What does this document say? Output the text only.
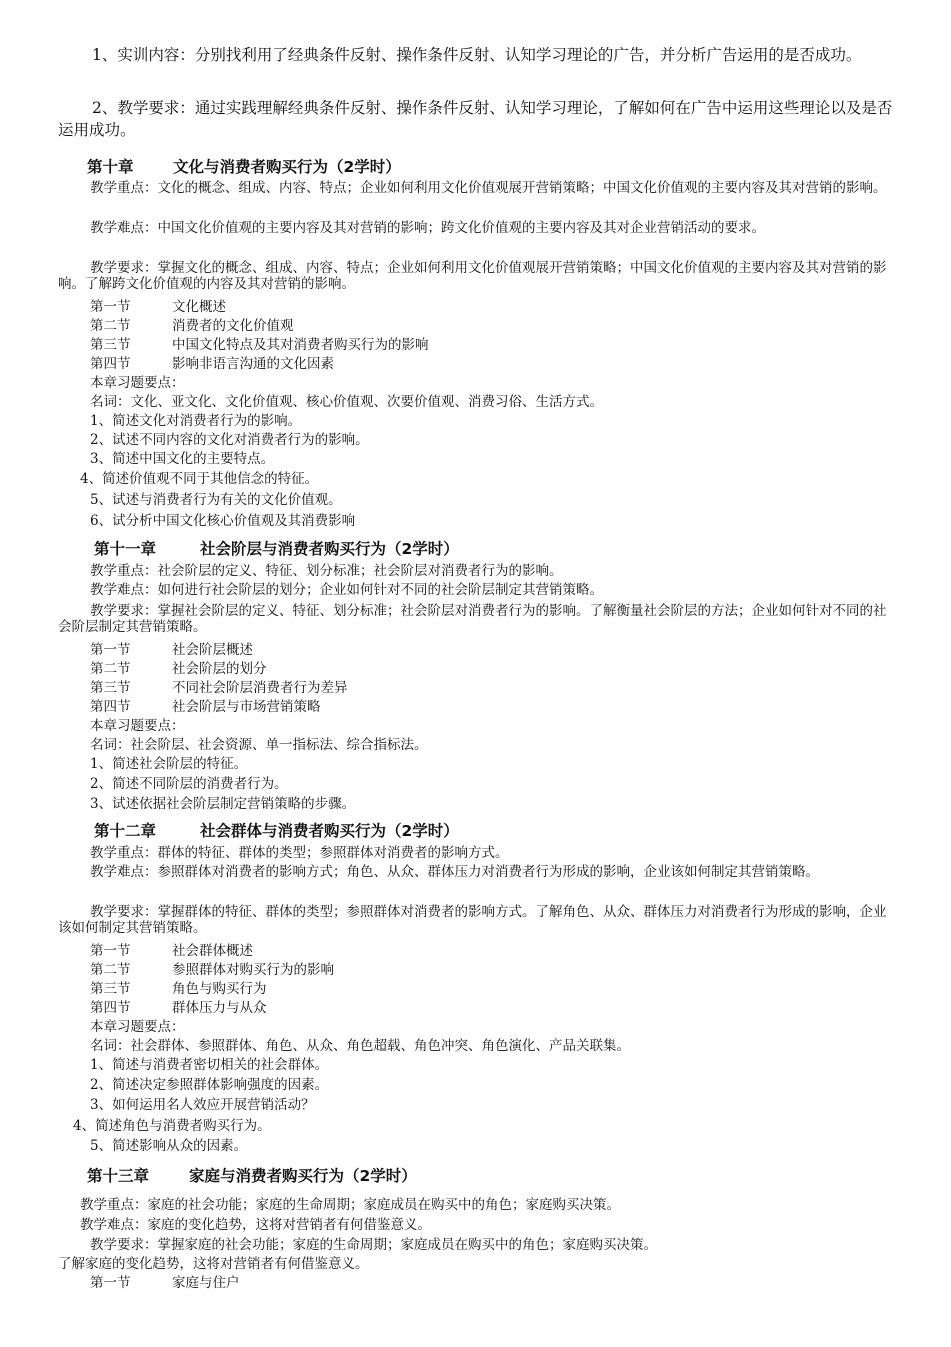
1、实训内容：分别找利用了经典条件反射、操作条件反射、认知学习理论的广告，并分析广告运用的是否成功。

2、教学要求：通过实践理解经典条件反射、操作条件反射、认知学习理论，了解如何在广告中运用这些理论以及是否运用成功。

第十章	文化与消费者购买行为（2学时）

教学重点：文化的概念、组成、内容、特点；企业如何利用文化价值观展开营销策略；中国文化价值观的主要内容及其对营销的影响。

教学难点：中国文化价值观的主要内容及其对营销的影响；跨文化价值观的主要内容及其对企业营销活动的要求。

教学要求：掌握文化的概念、组成、内容、特点；企业如何利用文化价值观展开营销策略；中国文化价值观的主要内容及其对营销的影响。了解跨文化价值观的内容及其对营销的影响。

第一节	文化概述
第二节	消费者的文化价值观
第三节	中国文化特点及其对消费者购买行为的影响
第四节	影响非语言沟通的文化因素
本章习题要点：
名词：文化、亚文化、文化价值观、核心价值观、次要价值观、消费习俗、生活方式。
1、简述文化对消费者行为的影响。
2、试述不同内容的文化对消费者行为的影响。
3、简述中国文化的主要特点。
4、简述价值观不同于其他信念的特征。
5、试述与消费者行为有关的文化价值观。
6、试分析中国文化核心价值观及其消费影响
第十一章	社会阶层与消费者购买行为（2学时）

教学重点：社会阶层的定义、特征、划分标准；社会阶层对消费者行为的影响。

教学难点：如何进行社会阶层的划分；企业如何针对不同的社会阶层制定其营销策略。

教学要求：掌握社会阶层的定义、特征、划分标准；社会阶层对消费者行为的影响。了解衡量社会阶层的方法；企业如何针对不同的社会阶层制定其营销策略。

第一节	社会阶层概述
第二节	社会阶层的划分
第三节	不同社会阶层消费者行为差异
第四节	社会阶层与市场营销策略
本章习题要点：
名词：社会阶层、社会资源、单一指标法、综合指标法。
1、简述社会阶层的特征。
2、简述不同阶层的消费者行为。
3、试述依据社会阶层制定营销策略的步骤。
第十二章	社会群体与消费者购买行为（2学时）

教学重点：群体的特征、群体的类型；参照群体对消费者的影响方式。

教学难点：参照群体对消费者的影响方式；角色、从众、群体压力对消费者行为形成的影响，企业该如何制定其营销策略。

教学要求：掌握群体的特征、群体的类型；参照群体对消费者的影响方式。了解角色、从众、群体压力对消费者行为形成的影响，企业该如何制定其营销策略。

第一节	社会群体概述
第二节	参照群体对购买行为的影响
第三节	角色与购买行为
第四节	群体压力与从众
本章习题要点：
名词：社会群体、参照群体、角色、从众、角色超载、角色冲突、角色演化、产品关联集。
1、简述与消费者密切相关的社会群体。
2、简述决定参照群体影响强度的因素。
3、如何运用名人效应开展营销活动？
4、简述角色与消费者购买行为。
5、简述影响从众的因素。
第十三章	家庭与消费者购买行为（2学时）
教学重点：家庭的社会功能；家庭的生命周期；家庭成员在购买中的角色；家庭购买决策。
教学难点：家庭的变化趋势，这将对营销者有何借鉴意义。
教学要求：掌握家庭的社会功能；家庭的生命周期；家庭成员在购买中的角色；家庭购买决策。
了解家庭的变化趋势，这将对营销者有何借鉴意义。
第一节	家庭与住户
